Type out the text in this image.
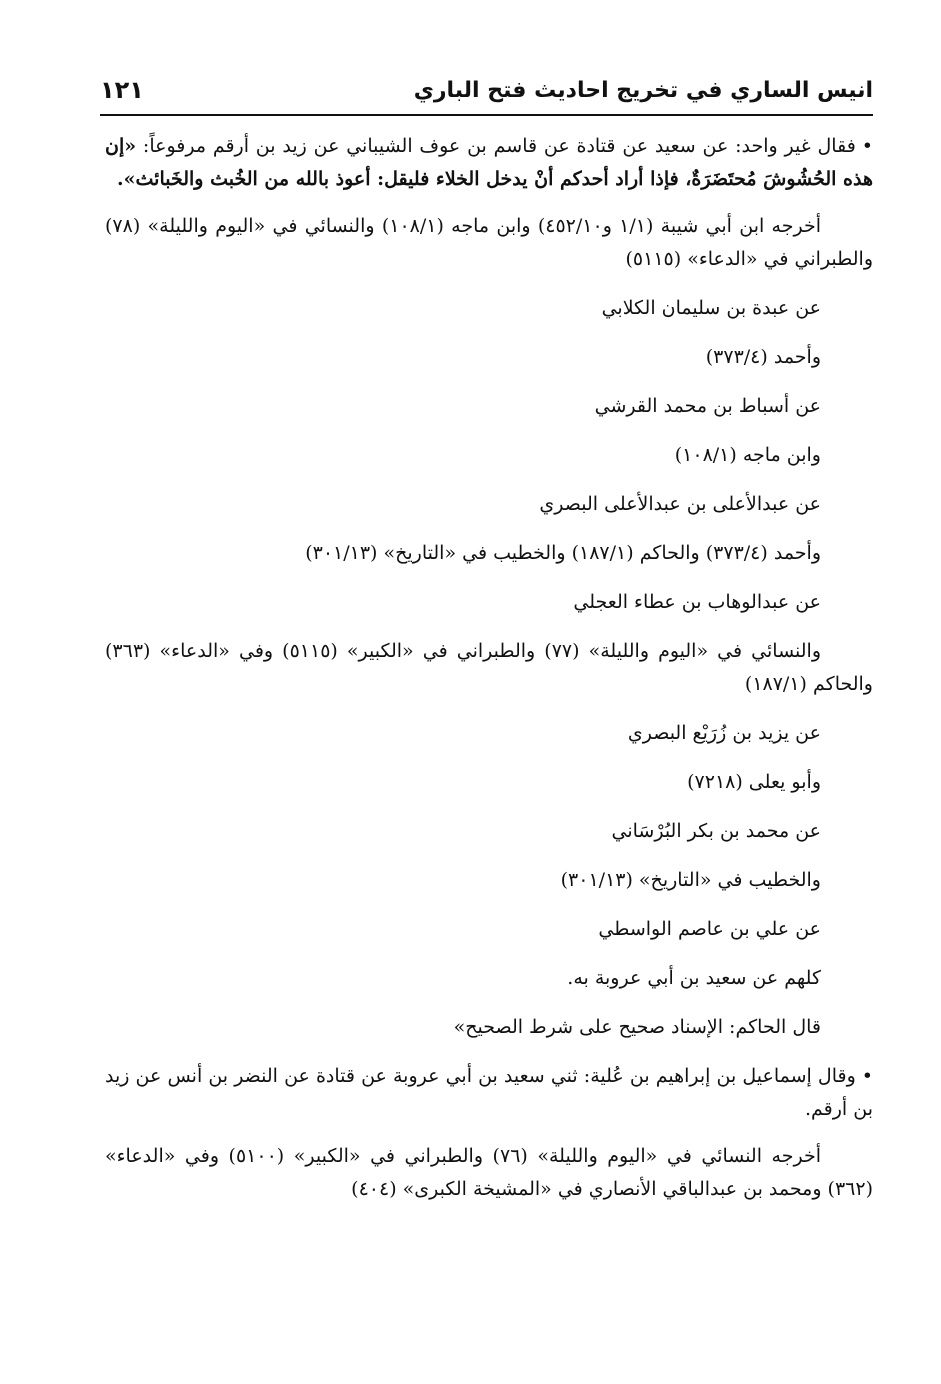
انيس الساري في تخريج احاديث فتح الباري
١٢١

•فقال غير واحد: عن سعيد عن قتادة عن قاسم بن عوف الشيباني عن زيد بن أرقم مرفوعاً: «إن هذه الحُشُوشَ مُحتَضَرَةٌ، فإذا أراد أحدكم أنْ يدخل الخلاء فليقل: أعوذ بالله من الخُبث والخَبائث».

أخرجه ابن أبي شيبة (١/١ و٤٥٢/١٠) وابن ماجه (١٠٨/١) والنسائي في «اليوم والليلة» (٧٨) والطبراني في «الدعاء» (٥١١٥)

عن عبدة بن سليمان الكلابي
وأحمد (٣٧٣/٤)
عن أسباط بن محمد القرشي
وابن ماجه (١٠٨/١)
عن عبدالأعلى بن عبدالأعلى البصري
وأحمد (٣٧٣/٤) والحاكم (١٨٧/١) والخطيب في «التاريخ» (٣٠١/١٣)
عن عبدالوهاب بن عطاء العجلي
والنسائي في «اليوم والليلة» (٧٧) والطبراني في «الكبير» (٥١١٥) وفي «الدعاء» (٣٦٣) والحاكم (١٨٧/١)
عن يزيد بن زُرَيْع البصري
وأبو يعلى (٧٢١٨)
عن محمد بن بكر البُرْسَاني
والخطيب في «التاريخ» (٣٠١/١٣)
عن علي بن عاصم الواسطي
كلهم عن سعيد بن أبي عروبة به.
قال الحاكم: الإسناد صحيح على شرط الصحيح»

•وقال إسماعيل بن إبراهيم بن عُلية: ثني سعيد بن أبي عروبة عن قتادة عن النضر بن أنس عن زيد بن أرقم.

أخرجه النسائي في «اليوم والليلة» (٧٦) والطبراني في «الكبير» (٥١٠٠) وفي «الدعاء» (٣٦٢) ومحمد بن عبدالباقي الأنصاري في «المشيخة الكبرى» (٤٠٤)
